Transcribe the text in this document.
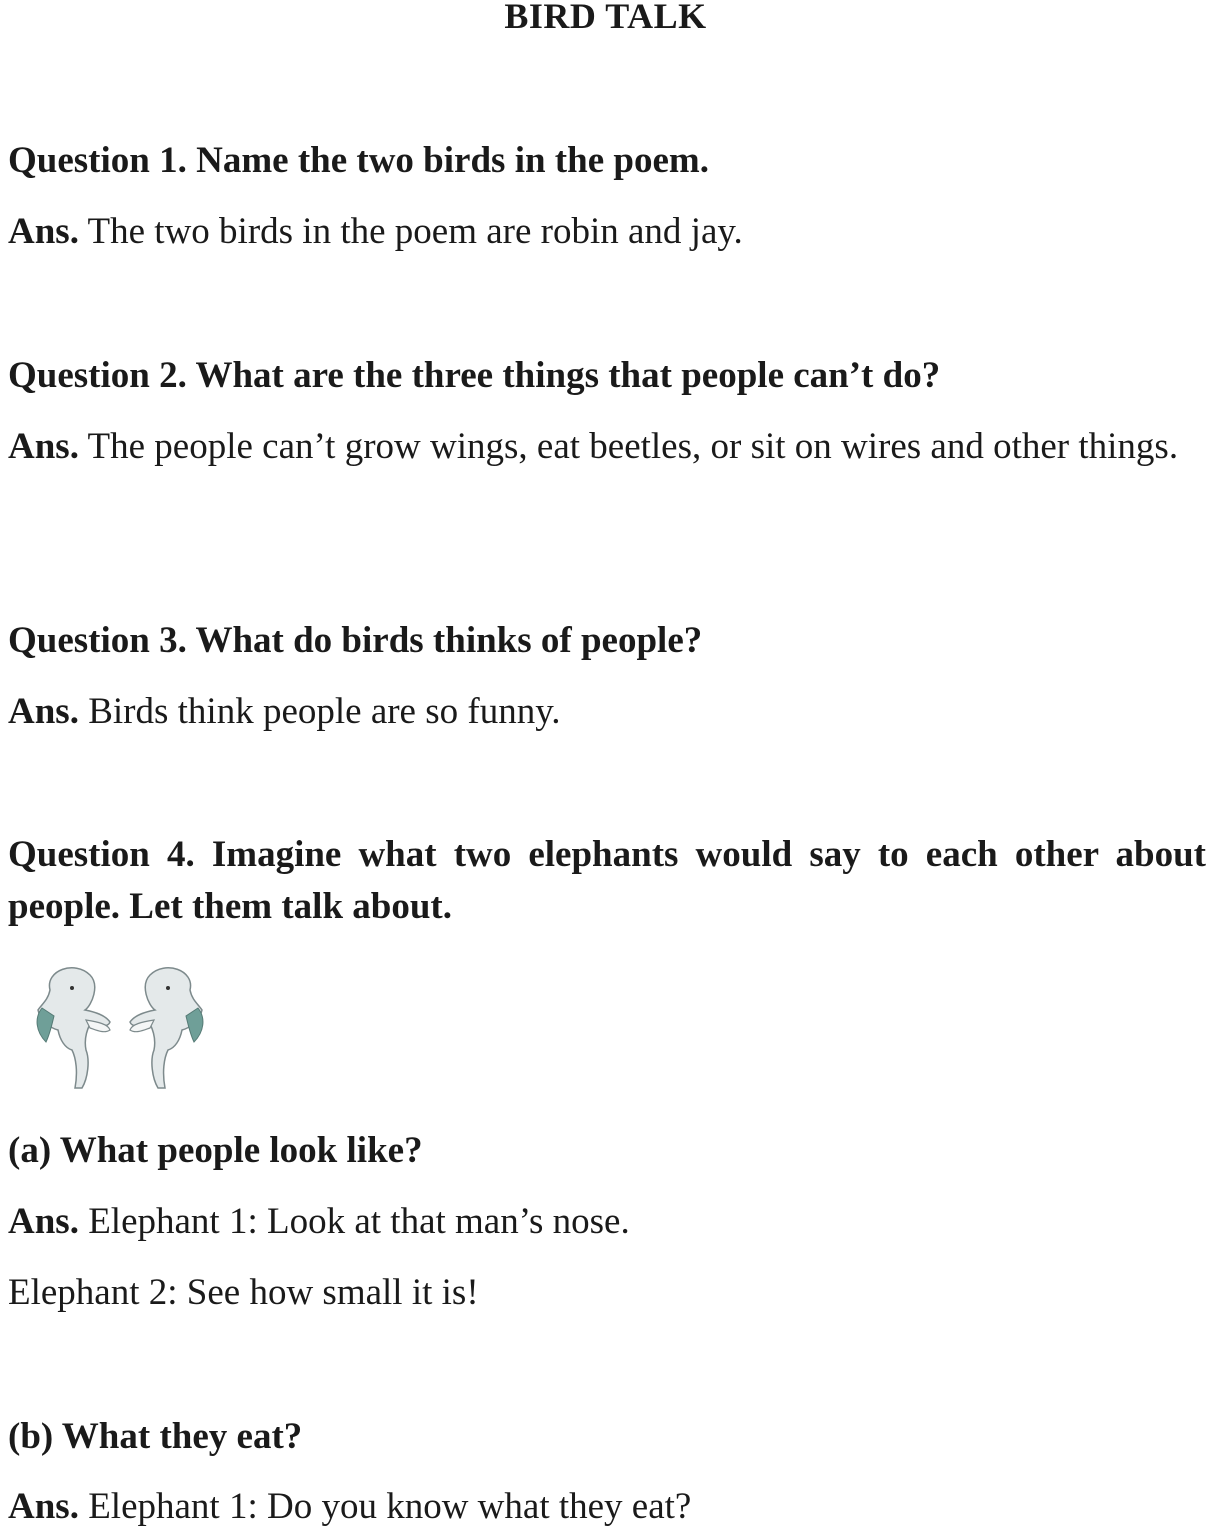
BIRD TALK

Question 1. Name the two birds in the poem.

Ans. The two birds in the poem are robin and jay.

Question 2. What are the three things that people can’t do?

Ans. The people can’t grow wings, eat beetles, or sit on wires and other things.

Question 3. What do birds thinks of people?

Ans. Birds think people are so funny.

Question 4. Imagine what two elephants would say to each other about people. Let them talk about.

(a) What people look like?

Ans. Elephant 1: Look at that man’s nose.

Elephant 2: See how small it is!

(b) What they eat?

Ans. Elephant 1: Do you know what they eat?
